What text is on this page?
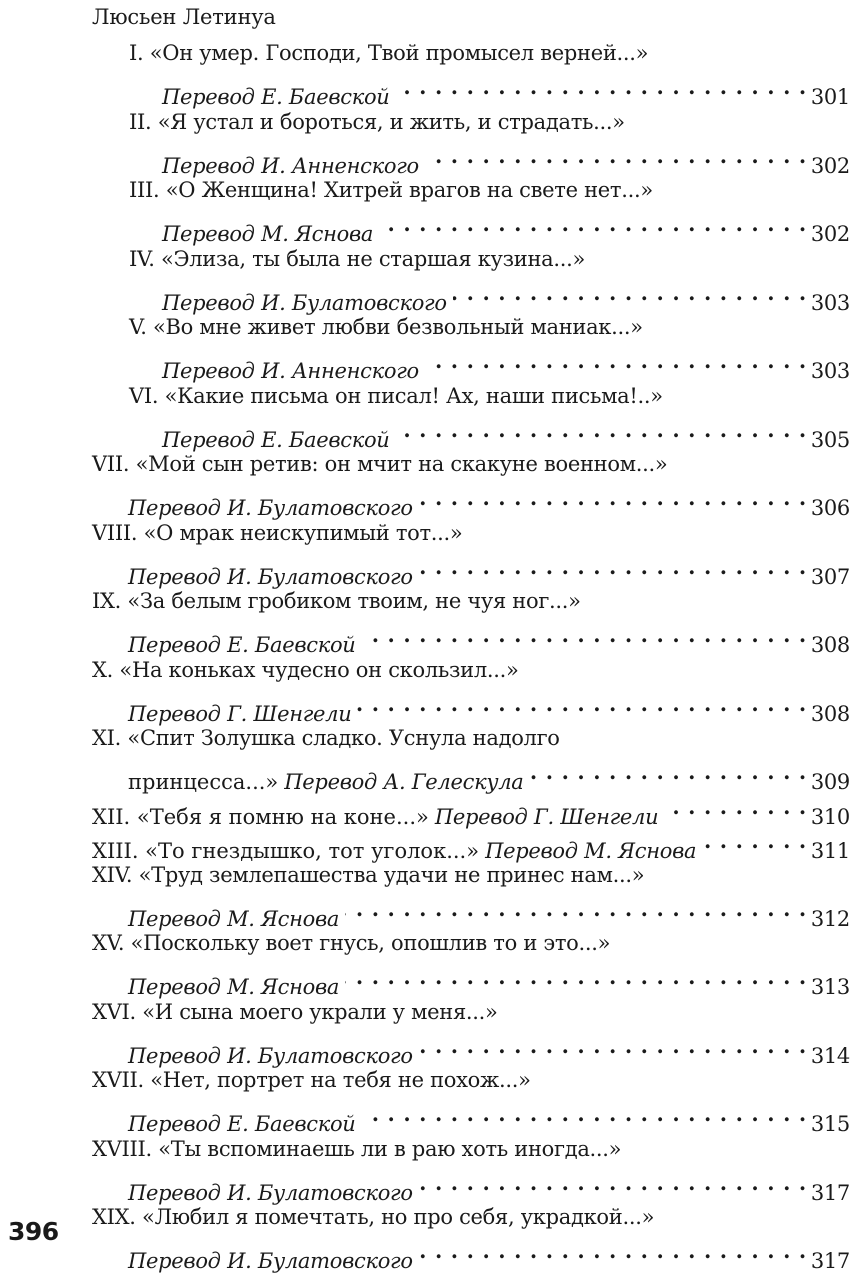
Люсьен Летинуа
I. «Он умер. Господи, Твой промысел верней...»
Перевод Е. Баевской . . .	301
II. «Я устал и бороться, и жить, и страдать...»
Перевод И. Анненского . . .	302
III. «О Женщина! Хитрей врагов на свете нет...»
Перевод М. Яснова . . .	302
IV. «Элиза, ты была не старшая кузина...»
Перевод И. Булатовского . . .	303
V. «Во мне живет любви безвольный маниак...»
Перевод И. Анненского . . .	303
VI. «Какие письма он писал! Ах, наши письма!..»
Перевод Е. Баевской . . .	305
VII. «Мой сын ретив: он мчит на скакуне военном...»
Перевод И. Булатовского . . .	306
VIII. «О мрак неискупимый тот...»
Перевод И. Булатовского . . .	307
IX. «За белым гробиком твоим, не чуя ног...»
Перевод Е. Баевской . . .	308
X. «На коньках чудесно он скользил...»
Перевод Г. Шенгели . . .	308
XI. «Спит Золушка сладко. Уснула надолго
принцесса...» Перевод А. Гелескула . . .	309
XII. «Тебя я помню на коне...» Перевод Г. Шенгели . . .	310
XIII. «То гнездышко, тот уголок...» Перевод М. Яснова . . .	311
XIV. «Труд землепашества удачи не принес нам...»
Перевод М. Яснова . . .	312
XV. «Поскольку воет гнусь, опошлив то и это...»
Перевод М. Яснова . . .	313
XVI. «И сына моего украли у меня...»
Перевод И. Булатовского . . .	314
XVII. «Нет, портрет на тебя не похож...»
Перевод Е. Баевской . . .	315
XVIII. «Ты вспоминаешь ли в раю хоть иногда...»
Перевод И. Булатовского . . .	317
XIX. «Любил я помечтать, но про себя, украдкой...»
Перевод И. Булатовского . . .	317
396
